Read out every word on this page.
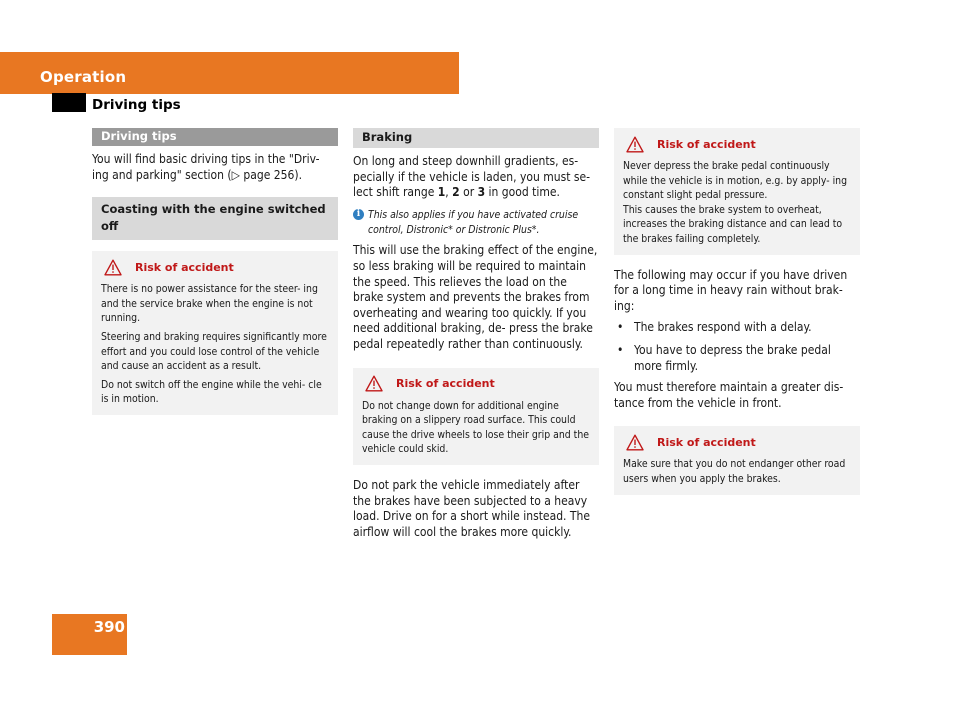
Operation
Driving tips
Driving tips

You will find basic driving tips in the "Driv- ing and parking" section (▷ page 256).

Coasting with the engine switched off
Risk of accident

There is no power assistance for the steer- ing and the service brake when the engine is not running.

Steering and braking requires significantly more effort and you could lose control of the vehicle and cause an accident as a result.

Do not switch off the engine while the vehi- cle is in motion.

Braking

On long and steep downhill gradients, es- pecially if the vehicle is laden, you must se- lect shift range 1, 2 or 3 in good time.

i This also applies if you have activated cruise control, Distronic* or Distronic Plus*.

This will use the braking effect of the engine, so less braking will be required to maintain the speed. This relieves the load on the brake system and prevents the brakes from overheating and wearing too quickly. If you need additional braking, de- press the brake pedal repeatedly rather than continuously.

Risk of accident

Do not change down for additional engine braking on a slippery road surface. This could cause the drive wheels to lose their grip and the vehicle could skid.

Do not park the vehicle immediately after the brakes have been subjected to a heavy load. Drive on for a short while instead. The airflow will cool the brakes more quickly.

Risk of accident

Never depress the brake pedal continuously while the vehicle is in motion, e.g. by apply- ing constant slight pedal pressure.

This causes the brake system to overheat, increases the braking distance and can lead to the brakes failing completely.

The following may occur if you have driven for a long time in heavy rain without brak- ing:

• The brakes respond with a delay.
• You have to depress the brake pedal more firmly.

You must therefore maintain a greater dis- tance from the vehicle in front.

Risk of accident

Make sure that you do not endanger other road users when you apply the brakes.

390
